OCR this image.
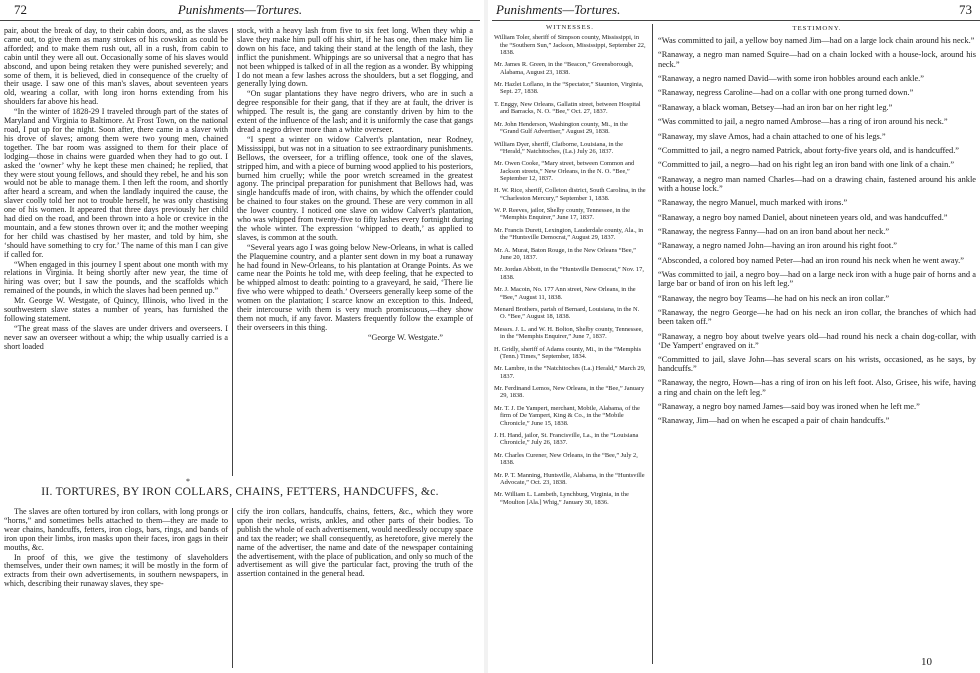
72	Punishments—Tortures.

pair, about the break of day, to their cabin doors, and, as the slaves came out, to give them as many strokes of his cowskin as could be afforded; and to make them rush out, all in a rush, from cabin to cabin until they were all out. Occasionally some of his slaves would abscond, and upon being retaken they were punished severely; and some of them, it is believed, died in consequence of the cruelty of their usage. I saw one of this man's slaves, about seventeen years old, wearing a collar, with long iron horns extending from his shoulders far above his head.

“In the winter of 1828-29 I traveled through part of the states of Maryland and Virginia to Baltimore. At Frost Town, on the national road, I put up for the night. Soon after, there came in a slaver with his drove of slaves; among them were two young men, chained together. The bar room was assigned to them for their place of lodging—those in chains were guarded when they had to go out. I asked the ‘owner’ why he kept these men chained; he replied, that they were stout young fellows, and should they rebel, he and his son would not be able to manage them. I then left the room, and shortly after heard a scream, and when the landlady inquired the cause, the slaver coolly told her not to trouble herself, he was only chastising one of his women. It appeared that three days previously her child had died on the road, and been thrown into a hole or crevice in the mountain, and a few stones thrown over it; and the mother weeping for her child was chastised by her master, and told by him, she ‘should have something to cry for.’ The name of this man I can give if called for.

“When engaged in this journey I spent about one month with my relations in Virginia. It being shortly after new year, the time of hiring was over; but I saw the pounds, and the scaffolds which remained of the pounds, in which the slaves had been penned up.”

Mr. George W. Westgate, of Quincy, Illinois, who lived in the southwestern slave states a number of years, has furnished the following statement.

“The great mass of the slaves are under drivers and overseers. I never saw an overseer without a whip; the whip usually carried is a short loaded

stock, with a heavy lash from five to six feet long. When they whip a slave they make him pull off his shirt, if he has one, then make him lie down on his face, and taking their stand at the length of the lash, they inflict the punishment. Whippings are so universal that a negro that has not been whipped is talked of in all the region as a wonder. By whipping I do not mean a few lashes across the shoulders, but a set flogging, and generally lying down.

“On sugar plantations they have negro drivers, who are in such a degree responsible for their gang, that if they are at fault, the driver is whipped. The result is, the gang are constantly driven by him to the extent of the influence of the lash; and it is uniformly the case that gangs dread a negro driver more than a white overseer.

“I spent a winter on widow Calvert's plantation, near Rodney, Mississippi, but was not in a situation to see extraordinary punishments. Bellows, the overseer, for a trifling offence, took one of the slaves, stripped him, and with a piece of burning wood applied to his posteriors, burned him cruelly; while the poor wretch screamed in the greatest agony. The principal preparation for punishment that Bellows had, was single handcuffs made of iron, with chains, by which the offender could be chained to four stakes on the ground. These are very common in all the lower country. I noticed one slave on widow Calvert's plantation, who was whipped from twenty-five to fifty lashes every fortnight during the whole winter. The expression ‘whipped to death,’ as applied to slaves, is common at the south.

“Several years ago I was going below New-Orleans, in what is called the Plaquemine country, and a planter sent down in my boat a runaway he had found in New-Orleans, to his plantation at Orange Points. As we came near the Points he told me, with deep feeling, that he expected to be whipped almost to death: pointing to a graveyard, he said, ‘There lie five who were whipped to death.’ Overseers generally keep some of the women on the plantation; I scarce know an exception to this. Indeed, their intercourse with them is very much promiscuous,—they show them not much, if any favor. Masters frequently follow the example of their overseers in this thing.

“George W. Westgate.”

*
II. TORTURES, BY IRON COLLARS, CHAINS, FETTERS, HANDCUFFS, &c.

The slaves are often tortured by iron collars, with long prongs or “horns,” and sometimes bells attached to them—they are made to wear chains, handcuffs, fetters, iron clogs, bars, rings, and bands of iron upon their limbs, iron masks upon their faces, iron gags in their mouths, &c.

In proof of this, we give the testimony of slaveholders themselves, under their own names; it will be mostly in the form of extracts from their own advertisements, in southern newspapers, in which, describing their runaway slaves, they spe-

cify the iron collars, handcuffs, chains, fetters, &c., which they wore upon their necks, wrists, ankles, and other parts of their bodies. To publish the whole of each advertisement, would needlessly occupy space and tax the reader; we shall consequently, as heretofore, give merely the name of the advertiser, the name and date of the newspaper containing the advertisement, with the place of publication, and only so much of the advertisement as will give the particular fact, proving the truth of the assertion contained in the general head.

Punishments—Tortures.	73

WITNESSES.

William Toler, sheriff of Simpson county, Mississippi, in the “Southern Sun,” Jackson, Mississippi, September 22, 1838.

Mr. James R. Green, in the “Beacon,” Greensborough, Alabama, August 23, 1838.

Mr. Hazlet Loflano, in the “Spectator,” Staunton, Virginia, Sept. 27, 1838.

T. Enggy, New Orleans, Gallatin street, between Hospital and Barracks, N. O. “Bee,” Oct. 27, 1837.

Mr. John Henderson, Washington county, Mi., in the “Grand Gulf Advertiser,” August 29, 1838.

William Dyer, sheriff, Claiborne, Louisiana, in the “Herald,” Natchitoches, (La.) July 26, 1837.

Mr. Owen Cooke, “Mary street, between Common and Jackson streets,” New Orleans, in the N. O. “Bee,” September 12, 1837.

H. W. Rice, sheriff, Colleton district, South Carolina, in the “Charleston Mercury,” September 1, 1838.

W. P. Reeves, jailor, Shelby county, Tennessee, in the “Memphis Enquirer,” June 17, 1837.

Mr. Francis Durett, Lexington, Lauderdale county, Ala., in the “Huntsville Democrat,” August 29, 1837.

Mr. A. Murat, Baton Rouge, in the New Orleans “Bee,” June 20, 1837.

Mr. Jordan Abbott, in the “Huntsville Democrat,” Nov. 17, 1838.

Mr. J. Macoin, No. 177 Ann street, New Orleans, in the “Bee,” August 11, 1838.

Menard Brothers, parish of Bernard, Louisiana, in the N. O. “Bee,” August 18, 1838.

Messrs. J. L. and W. H. Bolton, Shelby county, Tennessee, in the “Memphis Enquirer,” June 7, 1837.

H. Gridly, sheriff of Adams county, Mi., in the “Memphis (Tenn.) Times,” September, 1834.

Mr. Lambre, in the “Natchitoches (La.) Herald,” March 29, 1837.

Mr. Ferdinand Lemos, New Orleans, in the “Bee,” January 29, 1838.

Mr. T. J. De Yampert, merchant, Mobile, Alabama, of the firm of De Yampert, King & Co., in the “Mobile Chronicle,” June 15, 1838.

J. H. Hand, jailor, St. Francisville, La., in the “Louisiana Chronicle,” July 26, 1837.

Mr. Charles Curener, New Orleans, in the “Bee,” July 2, 1838.

Mr. P. T. Manning, Huntsville, Alabama, in the “Huntsville Advocate,” Oct. 23, 1838.

Mr. William L. Lambeth, Lynchburg, Virginia, in the “Moulton [Ala.] Whig,” January 30, 1836.

TESTIMONY.

“Was committed to jail, a yellow boy named Jim—had on a large lock chain around his neck.”

“Ranaway, a negro man named Squire—had on a chain locked with a house-lock, around his neck.”

“Ranaway, a negro named David—with some iron hobbles around each ankle.”

“Ranaway, negress Caroline—had on a collar with one prong turned down.”

“Ranaway, a black woman, Betsey—had an iron bar on her right leg.”

“Was committed to jail, a negro named Ambrose—has a ring of iron around his neck.”

“Ranaway, my slave Amos, had a chain attached to one of his legs.”

“Committed to jail, a negro named Patrick, about forty-five years old, and is handcuffed.”

“Committed to jail, a negro—had on his right leg an iron band with one link of a chain.”

“Ranaway, a negro man named Charles—had on a drawing chain, fastened around his ankle with a house lock.”

“Ranaway, the negro Manuel, much marked with irons.”

“Ranaway, a negro boy named Daniel, about nineteen years old, and was handcuffed.”

“Ranaway, the negress Fanny—had on an iron band about her neck.”

“Ranaway, a negro named John—having an iron around his right foot.”

“Absconded, a colored boy named Peter—had an iron round his neck when he went away.”

“Was committed to jail, a negro boy—had on a large neck iron with a huge pair of horns and a large bar or band of iron on his left leg.”

“Ranaway, the negro boy Teams—he had on his neck an iron collar.”

“Ranaway, the negro George—he had on his neck an iron collar, the branches of which had been taken off.”

“Ranaway, a negro boy about twelve years old—had round his neck a chain dog-collar, with ‘De Yampert’ engraved on it.”

“Committed to jail, slave John—has several scars on his wrists, occasioned, as he says, by handcuffs.”

“Ranaway, the negro, Hown—has a ring of iron on his left foot. Also, Grisee, his wife, having a ring and chain on the left leg.”

“Ranaway, a negro boy named James—said boy was ironed when he left me.”

“Ranaway, Jim—had on when he escaped a pair of chain handcuffs.”

10
